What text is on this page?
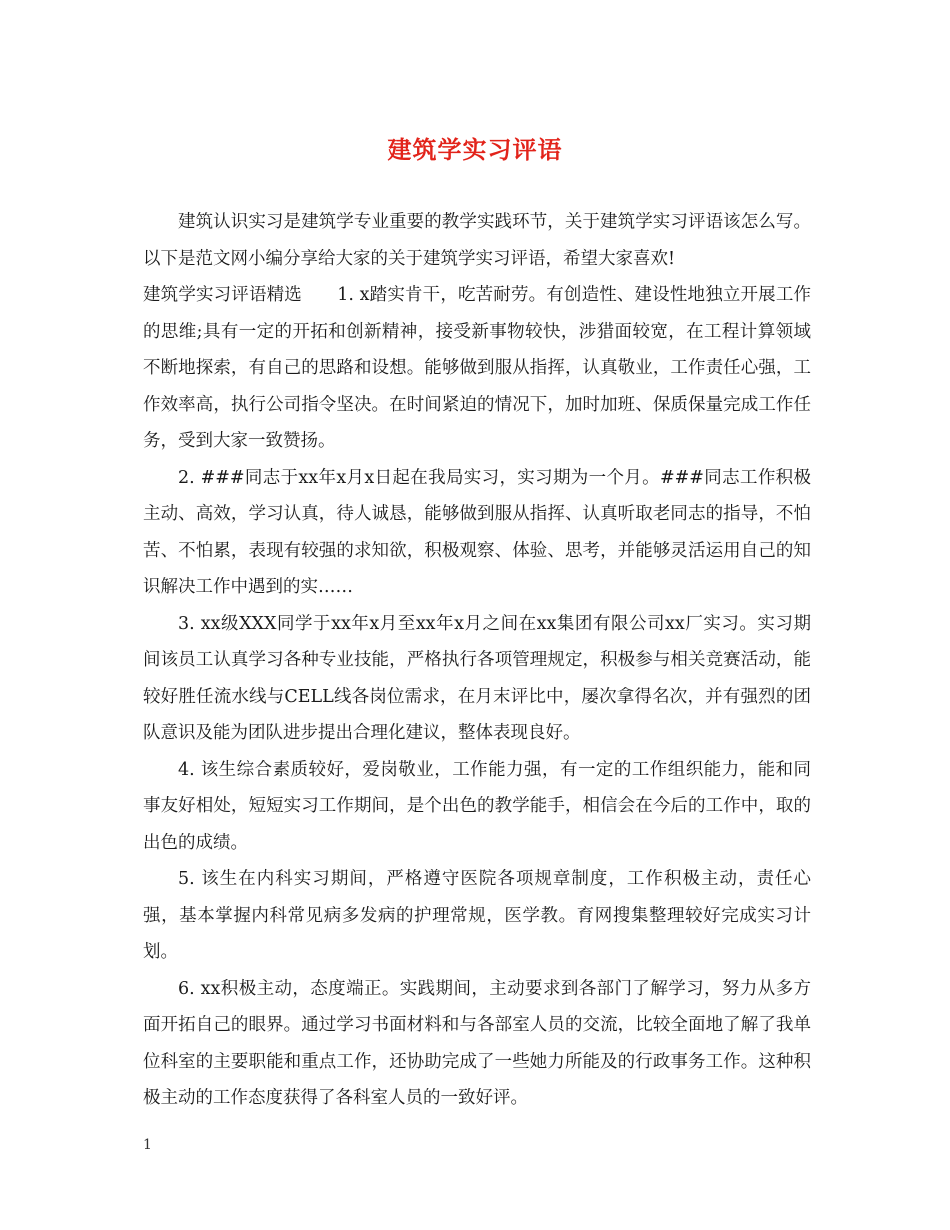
建筑学实习评语

建筑认识实习是建筑学专业重要的教学实践环节，关于建筑学实习评语该怎么写。以下是范文网小编分享给大家的关于建筑学实习评语，希望大家喜欢!

建筑学实习评语精选　　1. x踏实肯干，吃苦耐劳。有创造性、建设性地独立开展工作的思维;具有一定的开拓和创新精神，接受新事物较快，涉猎面较宽，在工程计算领域不断地探索，有自己的思路和设想。能够做到服从指挥，认真敬业，工作责任心强，工作效率高，执行公司指令坚决。在时间紧迫的情况下，加时加班、保质保量完成工作任务，受到大家一致赞扬。

2. ###同志于xx年x月x日起在我局实习，实习期为一个月。###同志工作积极主动、高效，学习认真，待人诚恳，能够做到服从指挥、认真听取老同志的指导，不怕苦、不怕累，表现有较强的求知欲，积极观察、体验、思考，并能够灵活运用自己的知识解决工作中遇到的实……

3. xx级XXX同学于xx年x月至xx年x月之间在xx集团有限公司xx厂实习。实习期间该员工认真学习各种专业技能，严格执行各项管理规定，积极参与相关竞赛活动，能较好胜任流水线与CELL线各岗位需求，在月末评比中，屡次拿得名次，并有强烈的团队意识及能为团队进步提出合理化建议，整体表现良好。

4. 该生综合素质较好，爱岗敬业，工作能力强，有一定的工作组织能力，能和同事友好相处，短短实习工作期间，是个出色的教学能手，相信会在今后的工作中，取的出色的成绩。

5. 该生在内科实习期间，严格遵守医院各项规章制度，工作积极主动，责任心强，基本掌握内科常见病多发病的护理常规，医学教。育网搜集整理较好完成实习计划。

6. xx积极主动，态度端正。实践期间，主动要求到各部门了解学习，努力从多方面开拓自己的眼界。通过学习书面材料和与各部室人员的交流，比较全面地了解了我单位科室的主要职能和重点工作，还协助完成了一些她力所能及的行政事务工作。这种积极主动的工作态度获得了各科室人员的一致好评。

1
